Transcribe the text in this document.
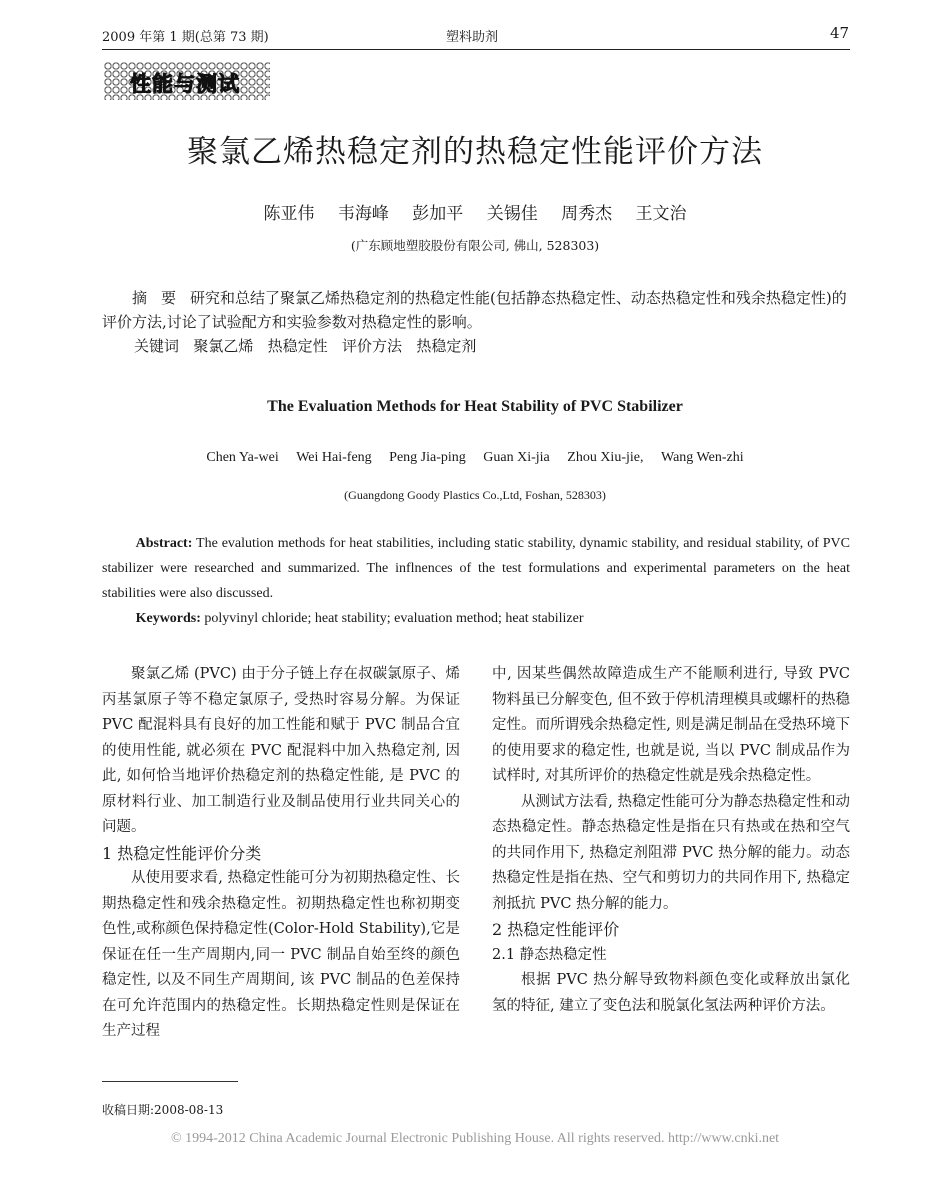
2009 年第 1 期(总第 73 期)	塑料助剂	47
性能与测试
聚氯乙烯热稳定剂的热稳定性能评价方法
陈亚伟 韦海峰 彭加平 关锡佳 周秀杰 王文治
(广东顾地塑胶股份有限公司, 佛山, 528303)
摘要研究和总结了聚氯乙烯热稳定剂的热稳定性能(包括静态热稳定性、动态热稳定性和残余热稳定性)的评价方法,讨论了试验配方和实验参数对热稳定性的影响。
关键词 聚氯乙烯 热稳定性 评价方法 热稳定剂
The Evaluation Methods for Heat Stability of PVC Stabilizer
Chen Ya-wei Wei Hai-feng Peng Jia-ping Guan Xi-jia Zhou Xiu-jie, Wang Wen-zhi
(Guangdong Goody Plastics Co.,Ltd, Foshan, 528303)
Abstract: The evalution methods for heat stabilities, including static stability, dynamic stability, and residual stability, of PVC stabilizer were researched and summarized. The inflnences of the test formulations and experimental parameters on the heat stabilities were also discussed.
Keywords: polyvinyl chloride; heat stability; evaluation method; heat stabilizer

聚氯乙烯 (PVC) 由于分子链上存在叔碳氯原子、烯丙基氯原子等不稳定氯原子, 受热时容易分解。为保证 PVC 配混料具有良好的加工性能和赋于 PVC 制品合宜的使用性能, 就必须在 PVC 配混料中加入热稳定剂, 因此, 如何恰当地评价热稳定剂的热稳定性能, 是 PVC 的原材料行业、加工制造行业及制品使用行业共同关心的问题。

1 热稳定性能评价分类

从使用要求看, 热稳定性能可分为初期热稳定性、长期热稳定性和残余热稳定性。初期热稳定性也称初期变色性,或称颜色保持稳定性(Color-Hold Stability),它是保证在任一生产周期内,同一 PVC 制品自始至终的颜色稳定性, 以及不同生产周期间, 该 PVC 制品的色差保持在可允许范围内的热稳定性。长期热稳定性则是保证在生产过程

中, 因某些偶然故障造成生产不能顺利进行, 导致 PVC 物料虽已分解变色, 但不致于停机清理模具或螺杆的热稳定性。而所谓残余热稳定性, 则是满足制品在受热环境下的使用要求的稳定性, 也就是说, 当以 PVC 制成品作为试样时, 对其所评价的热稳定性就是残余热稳定性。

从测试方法看, 热稳定性能可分为静态热稳定性和动态热稳定性。静态热稳定性是指在只有热或在热和空气的共同作用下, 热稳定剂阻滞 PVC 热分解的能力。动态热稳定性是指在热、空气和剪切力的共同作用下, 热稳定剂抵抗 PVC 热分解的能力。

2 热稳定性能评价

2.1 静态热稳定性

根据 PVC 热分解导致物料颜色变化或释放出氯化氢的特征, 建立了变色法和脱氯化氢法两种评价方法。

收稿日期:2008-08-13
© 1994-2012 China Academic Journal Electronic Publishing House. All rights reserved. http://www.cnki.net
